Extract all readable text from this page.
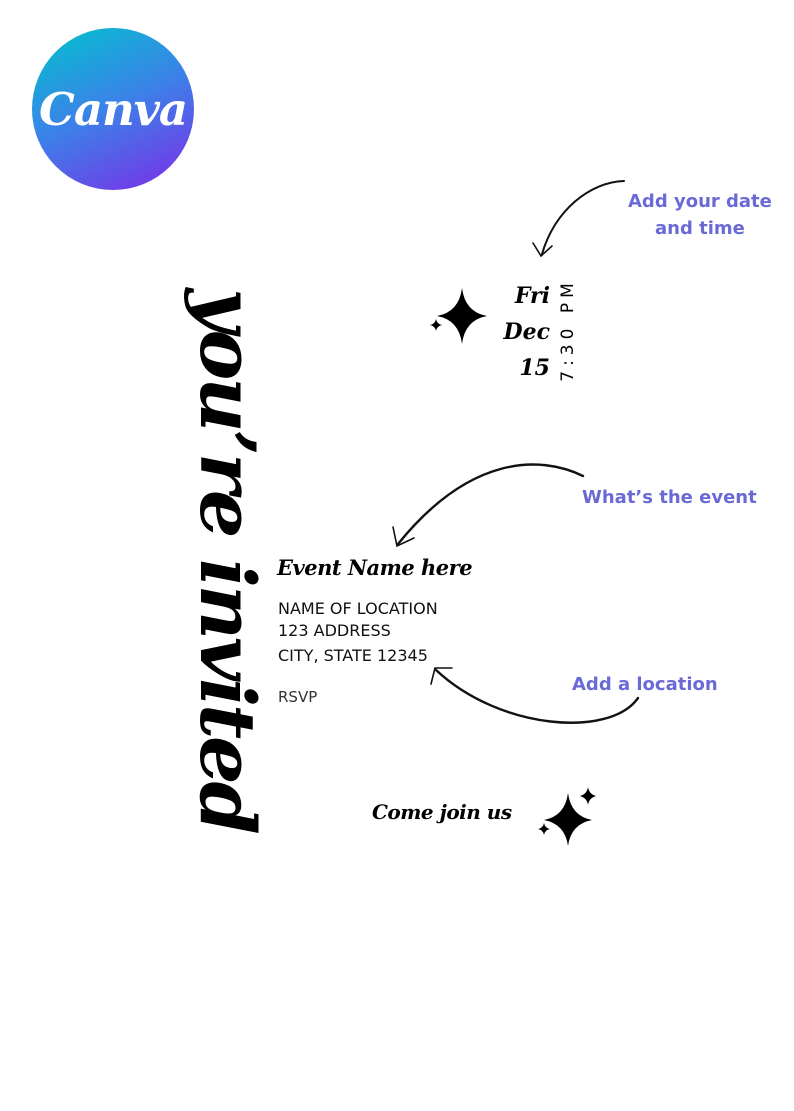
Canva
you’re invited
Add your date
and time
What’s the event
Add a location
Fri
Dec
15 7:30 PM
Event Name here
NAME OF LOCATION
123 ADDRESS
CITY, STATE 12345
RSVP
Come join us
